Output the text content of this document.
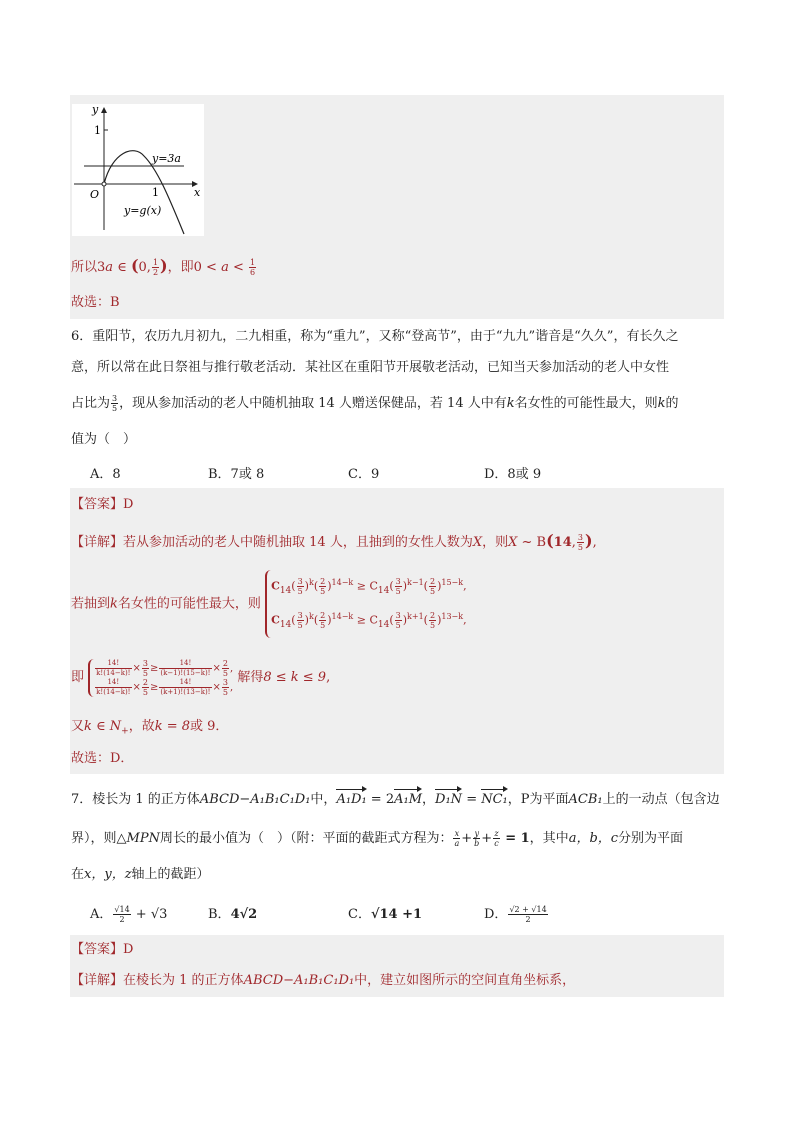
y
x
O
1
1
y=3a
y=g(x)
所以3a ∈ (0, $\frac{1}{2}$ )，即$0 < a < \frac{1}{6}$
故选：B
6．重阳节，农历九月初九，二九相重，称为“重九”，又称“登高节”，由于“九九”谐音是“久久”，有长久之
意，所以常在此日祭祖与推行敬老活动．某社区在重阳节开展敬老活动，已知当天参加活动的老人中女性
占比为 $\frac{3}{5}$ ，现从参加活动的老人中随机抽取 14 人赠送保健品，若 14 人中有k名女性的可能性最大，则k的
值为（　）
A．8	B．7或 8	C．9	D．8或 9
【答案】D
【详解】若从参加活动的老人中随机抽取 14 人，且抽到的女性人数为X，则X ~ B(14, $\frac{3}{5}$ ),
若抽到k名女性的可能性最大，则
$C_{14}( \frac{3}{5} )^k( \frac{2}{5} )^{14-k} \ge C_{14}( \frac{3}{5} )^{k-1}( \frac{2}{5} )^{15-k}$,
$C_{14}( \frac{3}{5} )^k( \frac{2}{5} )^{14-k} \ge C_{14}( \frac{3}{5} )^{k+1}( \frac{2}{5} )^{13-k}$,
即 $\frac{14!}{k!(14-k)!} \times \frac{3}{5} \ge \frac{14!}{(k-1)!(15-k)!} \times \frac{2}{5}$ ,
$\frac{14!}{k!(14-k)!} \times \frac{2}{5} \ge \frac{14!}{(k+1)!(13-k)!} \times \frac{3}{5}$ ,
解得8 ≤ k ≤ 9,
又k ∈ $N_+$，故k = 8或 9．
故选：D．
7．棱长为 1 的正方体ABCD−A₁B₁C₁D₁中，A₁D₁ = 2A₁M，D₁N = NC₁，P为平面ACB₁上的一动点（包含边
界），则△MPN周长的最小值为（　）（附：平面的截距式方程为： $\frac{x}{a} + \frac{y}{b} + \frac{z}{c} = 1$，其中a，b，c分别为平面
在x，y，z轴上的截距）
A． $\frac{√14}{2} + √3$	B．4√2	C．√14 +1	D． $\frac{√2 + √14}{2}$
【答案】D
【详解】在棱长为 1 的正方体ABCD−A₁B₁C₁D₁中，建立如图所示的空间直角坐标系，
